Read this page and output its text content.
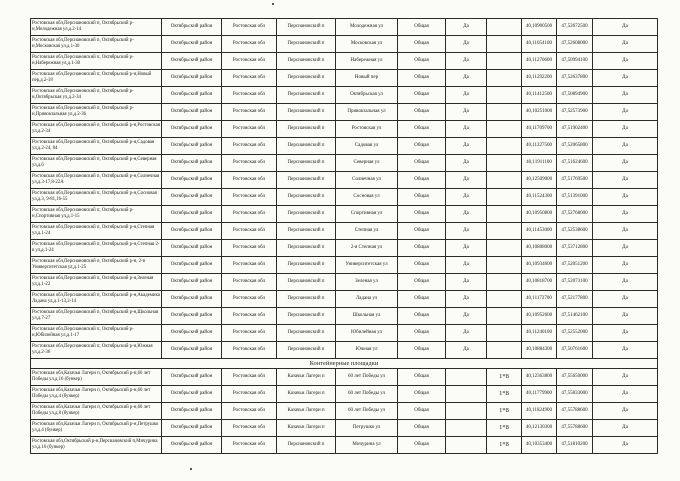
Ростовская обл,Персиановский п, Октябрьский р-н,Молодежная ул,д.2-14	Октябрьский район	Ростовская обл	Персиановский п	Молодежная ул	Общая	Да		40,10900500	47,52672500	Да
Ростовская обл,Персиановский п, Октябрьский р-н,Московская ул,д.1-30	Октябрьский район	Ростовская обл	Персиановский п	Московская ул	Общая	Да		40,11054100	47,52608000	Да
Ростовская обл,Персиановский п, Октябрьский р-н,Набережная ул,д.1-30	Октябрьский район	Ростовская обл	Персиановский п	Набережная ул	Общая	Да		40,11270600	47,50994100	Да
Ростовская обл,Персиановский п, Октябрьский р-н,Новый пер,д.2-18	Октябрьский район	Ростовская обл	Персиановский п	Новый пер	Общая	Да		40,11292200	47,52637800	Да
Ростовская обл,Персиановский п, Октябрьский р-н,Октябрьская ул,д.2-34	Октябрьский район	Ростовская обл	Персиановский п	Октябрьская ул	Общая	Да		40,11412500	47,50894900	Да
Ростовская обл,Персиановский п, Октябрьский р-н,Привокзальная ул,д.2-36	Октябрьский район	Ростовская обл	Персиановский п	Привокзальная ул	Общая	Да		40,10251000	47,52573900	Да
Ростовская обл,Персиановский п, Октябрьский р-н,Ростовская ул,д.2-34	Октябрьский район	Ростовская обл	Персиановский п	Ростовская ул	Общая	Да		40,11709700	47,51902400	Да
Ростовская обл,Персиановский п, Октябрьский р-н,Садовая ул,д.2-24, 84	Октябрьский район	Ростовская обл	Персиановский п	Садовая ул	Общая	Да		40,11227500	47,52065800	Да
Ростовская обл,Персиановский п, Октябрьский р-н,Северная ул,д.6	Октябрьский район	Ростовская обл	Персиановский п	Северная ул	Общая	Да		40,11911100	47,51624600	Да
Ростовская обл,Персиановский п, Октябрьский р-н,Солнечная ул,д.3-17,8-22А	Октябрьский район	Ростовская обл	Персиановский п	Солнечная ул	Общая	Да		40,12509000	47,51769500	Да
Ростовская обл,Персиановский п, Октябрьский р-н,Сосновая ул,д.3, 9-81,16-55	Октябрьский район	Ростовская обл	Персиановский п	Сосновая ул	Общая	Да		40,11524300	47,51391000	Да
Ростовская обл,Персиановский п, Октябрьский р-н,Спортивная ул,д.1-15	Октябрьский район	Ростовская обл	Персиановский п	Спортивная ул	Общая	Да		40,10950800	47,52768000	Да
Ростовская обл,Персиановский п, Октябрьский р-н,Степная ул,д.1-24	Октябрьский район	Ростовская обл	Персиановский п	Степная ул	Общая	Да		40,11453000	47,52538600	Да
Ростовская обл,Персиановский п, Октябрьский р-н,Степная 2-я ул,д.1-24	Октябрьский район	Ростовская обл	Персиановский п	2-я Степная ул	Общая	Да		40,10808000	47,53712800	Да
Ростовская обл,Персиановский п, Октябрьский р-н, 2-я Университетская ул,д.1-25	Октябрьский район	Ростовская обл	Персиановский п	Университетская ул	Общая	Да		40,10934600	47,52051200	Да
Ростовская обл,Персиановский п, Октябрьский р-н,Зеленая ул,д.1-22	Октябрьский район	Ростовская обл	Персиановский п	Зеленая ул	Общая	Да		40,10818700	47,52073100	Да
Ростовская обл,Персиановский п, Октябрьский р-н,Академика Ладана ул,д.1-13,2-14	Октябрьский район	Ростовская обл	Персиановский п	Ладана ул	Общая	Да		40,11172700	47,52177800	Да
Ростовская обл,Персиановский п, Октябрьский р-н,Школьная ул,д.7-27	Октябрьский район	Ростовская обл	Персиановский п	Школьная ул	Общая	Да		40,10952600	47,51462100	Да
Ростовская обл,Персиановский п, Октябрьский р-н,Юбилейная ул,д.1-17	Октябрьский район	Ростовская обл	Персиановский п	Юбилейная ул	Общая	Да		40,11240100	47,52552000	Да
Ростовская обл,Персиановский п, Октябрьский р-н,Южная ул,д.2-36	Октябрьский район	Ростовская обл	Персиановский п	Южная ул	Общая	Да		40,10884300	47,50761600	Да
Контейнерные площадки										
Ростовская обл,Казачьи Лагери п, Октябрьский р-н,60 лет Победы ул,д.16 (бункер)	Октябрьский район	Ростовская обл	Казачьи Лагери п	60 лет Победы ул	Общая		1*8	40,12363800	47,55650000	Да
Ростовская обл,Казачьи Лагери п, Октябрьский р-н,60 лет Победы ул,д.4 (бункер)	Октябрьский район	Ростовская обл	Казачьи Лагери п	60 лет Победы ул	Общая		1*8	40,11779900	47,55833000	Да
Ростовская обл,Казачьи Лагери п, Октябрьский р-н,60 лет Победы ул,д.8 (бункер)	Октябрьский район	Ростовская обл	Казачьи Лагери п	60 лет Победы ул	Общая		1*8	40,11824900	47,55788600	Да
Ростовская обл,Казачьи Лагери п, Октябрьский р-н,Петрушко ул,д.4 (бункер)	Октябрьский район	Ростовская обл	Казачьи Лагери п	Петрушко ул	Общая		1*8	40,12130300	47,55788600	Да
Ростовская обл,Октябрьский р-н,Персиановский п,Мичурина ул,д.16 (бункер)	Октябрьский район	Ростовская обл	Персиановский п	Мичурина ул	Общая		1*8	40,10353400	47,51810200	Да
